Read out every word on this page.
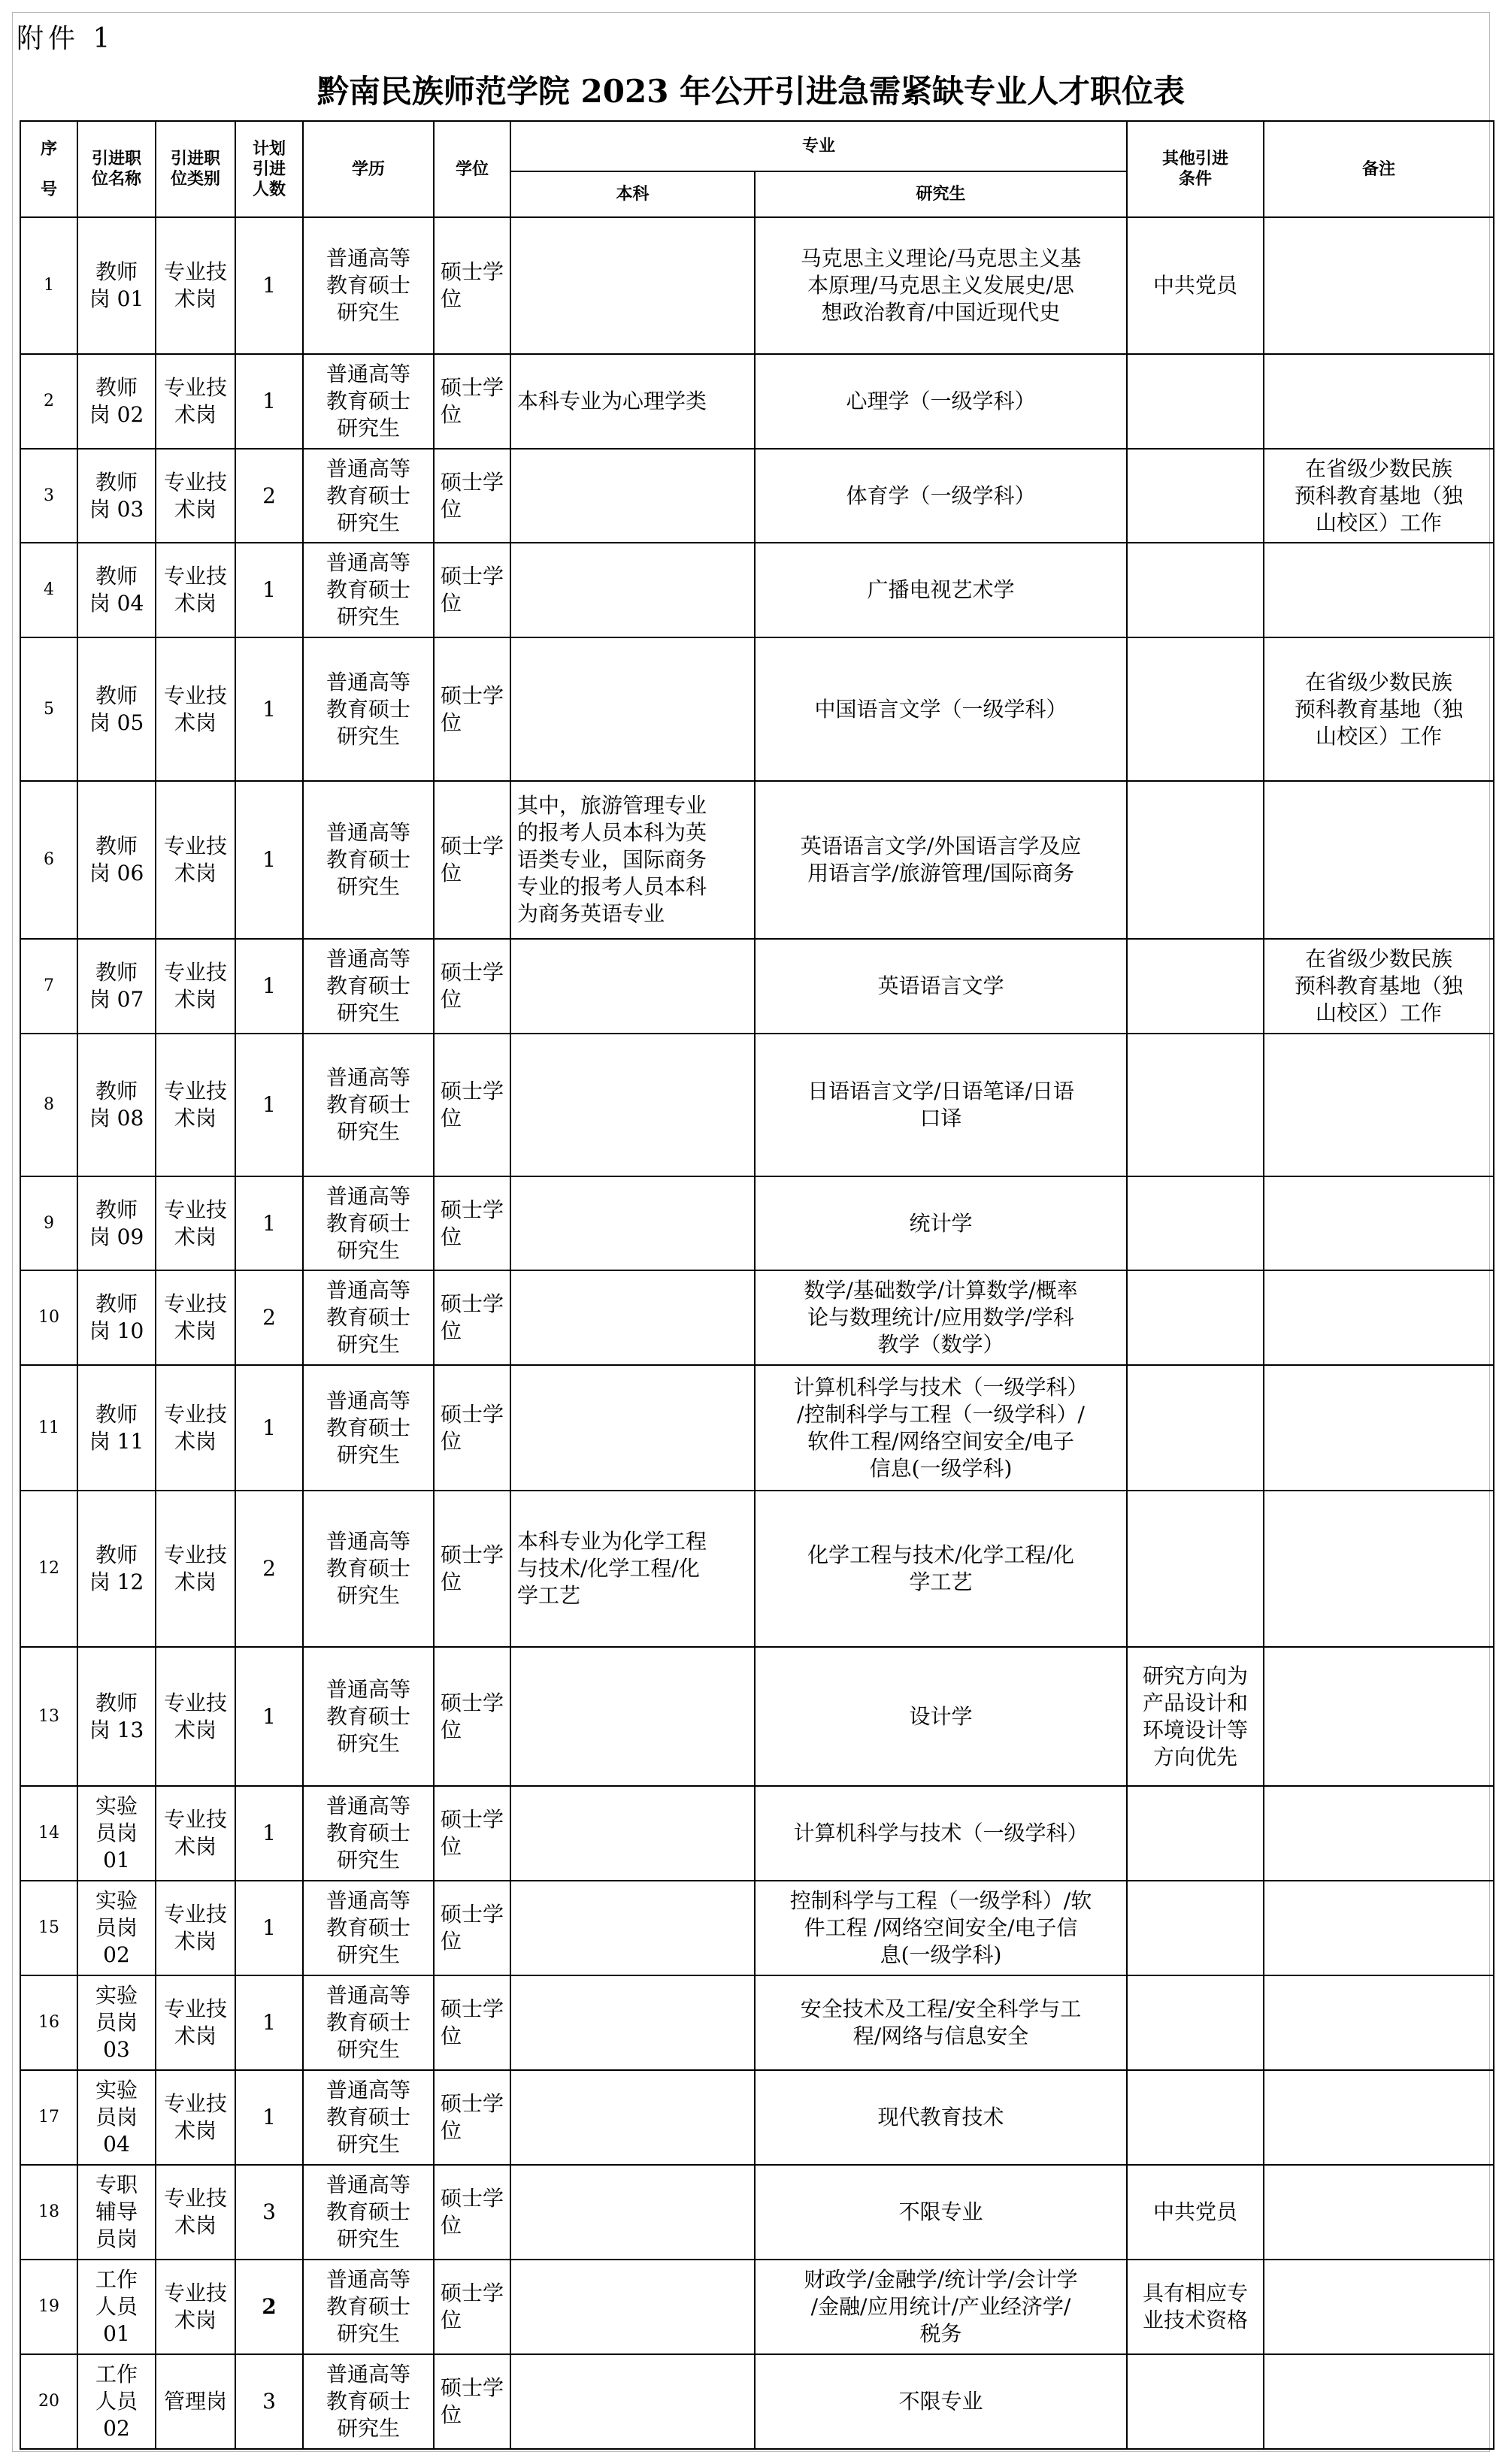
附件 1
黔南民族师范学院 2023 年公开引进急需紧缺专业人才职位表
序

号	引进职
位名称	引进职
位类别	计划
引进
人数	学历	学位	专业		其他引进
条件	备注
						本科	研究生		
1	教师
岗 01	专业技
术岗	1	普通高等
教育硕士
研究生	硕士学
位		马克思主义理论/马克思主义基
本原理/马克思主义发展史/思
想政治教育/中国近现代史	中共党员	
2	教师
岗 02	专业技
术岗	1	普通高等
教育硕士
研究生	硕士学
位	本科专业为心理学类	心理学（一级学科）		
3	教师
岗 03	专业技
术岗	2	普通高等
教育硕士
研究生	硕士学
位		体育学（一级学科）		在省级少数民族
预科教育基地（独
山校区）工作
4	教师
岗 04	专业技
术岗	1	普通高等
教育硕士
研究生	硕士学
位		广播电视艺术学		
5	教师
岗 05	专业技
术岗	1	普通高等
教育硕士
研究生	硕士学
位		中国语言文学（一级学科）		在省级少数民族
预科教育基地（独
山校区）工作
6	教师
岗 06	专业技
术岗	1	普通高等
教育硕士
研究生	硕士学
位	其中，旅游管理专业
的报考人员本科为英
语类专业，国际商务
专业的报考人员本科
为商务英语专业	英语语言文学/外国语言学及应
用语言学/旅游管理/国际商务		
7	教师
岗 07	专业技
术岗	1	普通高等
教育硕士
研究生	硕士学
位		英语语言文学		在省级少数民族
预科教育基地（独
山校区）工作
8	教师
岗 08	专业技
术岗	1	普通高等
教育硕士
研究生	硕士学
位		日语语言文学/日语笔译/日语
口译		
9	教师
岗 09	专业技
术岗	1	普通高等
教育硕士
研究生	硕士学
位		统计学		
10	教师
岗 10	专业技
术岗	2	普通高等
教育硕士
研究生	硕士学
位		数学/基础数学/计算数学/概率
论与数理统计/应用数学/学科
教学（数学）		
11	教师
岗 11	专业技
术岗	1	普通高等
教育硕士
研究生	硕士学
位		计算机科学与技术（一级学科）
/控制科学与工程（一级学科）/
软件工程/网络空间安全/电子
信息(一级学科)		
12	教师
岗 12	专业技
术岗	2	普通高等
教育硕士
研究生	硕士学
位	本科专业为化学工程
与技术/化学工程/化
学工艺	化学工程与技术/化学工程/化
学工艺		
13	教师
岗 13	专业技
术岗	1	普通高等
教育硕士
研究生	硕士学
位		设计学	研究方向为
产品设计和
环境设计等
方向优先	
14	实验
员岗
01	专业技
术岗	1	普通高等
教育硕士
研究生	硕士学
位		计算机科学与技术（一级学科）		
15	实验
员岗
02	专业技
术岗	1	普通高等
教育硕士
研究生	硕士学
位		控制科学与工程（一级学科）/软
件工程 /网络空间安全/电子信
息(一级学科)		
16	实验
员岗
03	专业技
术岗	1	普通高等
教育硕士
研究生	硕士学
位		安全技术及工程/安全科学与工
程/网络与信息安全		
17	实验
员岗
04	专业技
术岗	1	普通高等
教育硕士
研究生	硕士学
位		现代教育技术		
18	专职
辅导
员岗	专业技
术岗	3	普通高等
教育硕士
研究生	硕士学
位		不限专业	中共党员	
19	工作
人员
01	专业技
术岗	2	普通高等
教育硕士
研究生	硕士学
位		财政学/金融学/统计学/会计学
/金融/应用统计/产业经济学/
税务	具有相应专
业技术资格	
20	工作
人员
02	管理岗	3	普通高等
教育硕士
研究生	硕士学
位		不限专业		
